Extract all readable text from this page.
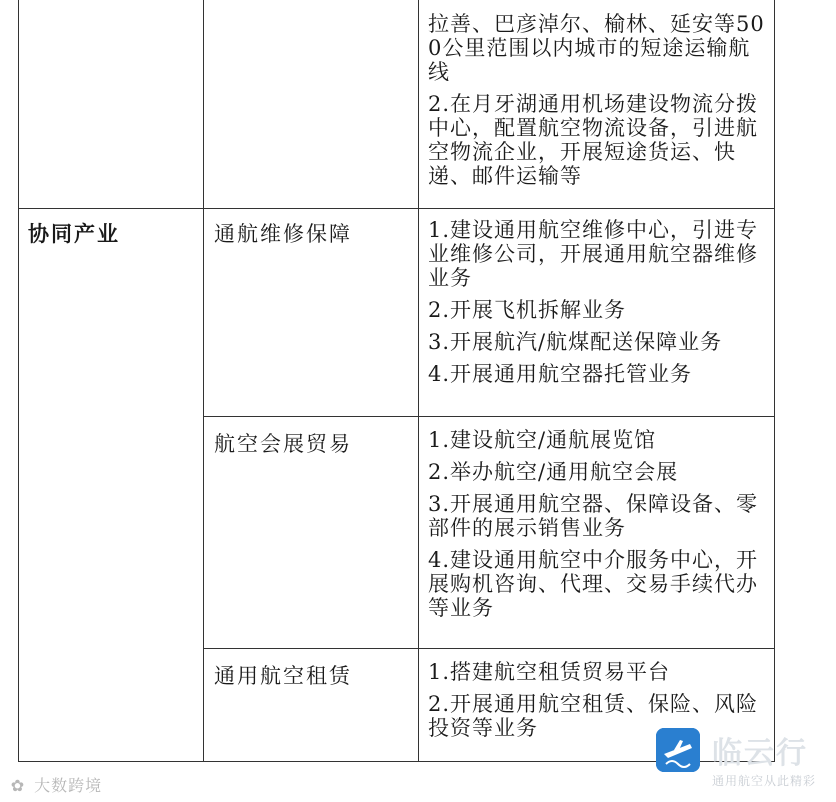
拉善、巴彦淖尔、榆林、延安等500公里范围以内城市的短途运输航线

2.在月牙湖通用机场建设物流分拨中心，配置航空物流设备，引进航空物流企业，开展短途货运、快递、邮件运输等

协同产业	通航维修保障	1.建设通用航空维修中心，引进专业维修公司，开展通用航空器维修业务

2.开展飞机拆解业务

3.开展航汽/航煤配送保障业务

4.开展通用航空器托管业务

航空会展贸易	1.建设航空/通航展览馆

2.举办航空/通用航空会展

3.开展通用航空器、保障设备、零部件的展示销售业务

4.建设通用航空中介服务中心，开展购机咨询、代理、交易手续代办等业务

通用航空租赁	1.搭建航空租赁贸易平台

2.开展通用航空租赁、保险、风险投资等业务

✿ 大数跨境
临云行
通用航空从此精彩
